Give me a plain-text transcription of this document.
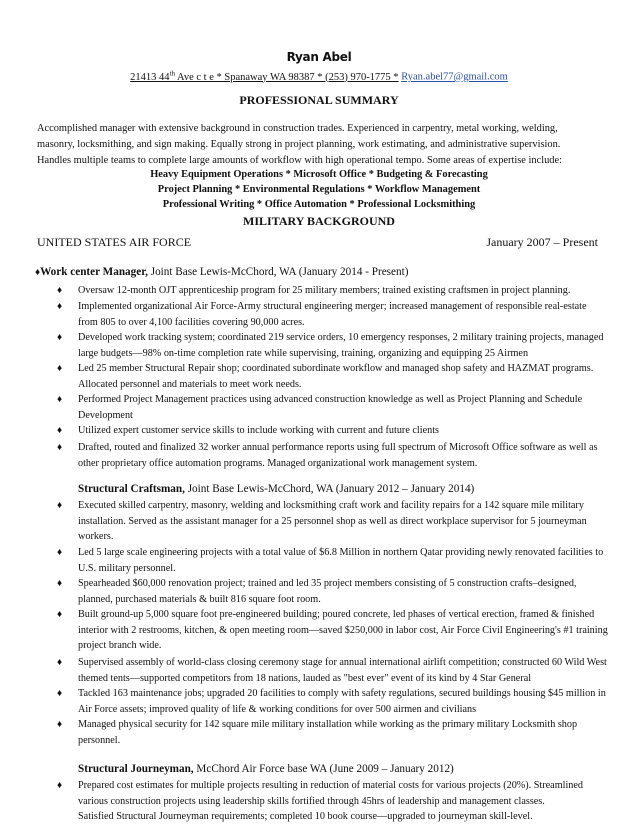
Ryan Abel
21413 44th Ave c t e * Spanaway WA 98387 * (253) 970-1775 * Ryan.abel77@gmail.com
PROFESSIONAL SUMMARY
Accomplished manager with extensive background in construction trades. Experienced in carpentry, metal working, welding,
masonry, locksmithing, and sign making. Equally strong in project planning, work estimating, and administrative supervision.
Handles multiple teams to complete large amounts of workflow with high operational tempo. Some areas of expertise include:
Heavy Equipment Operations * Microsoft Office * Budgeting & Forecasting
Project Planning * Environmental Regulations * Workflow Management
Professional Writing * Office Automation * Professional Locksmithing
MILITARY BACKGROUND
UNITED STATES AIR FORCE	January 2007 – Present
♦Work center Manager, Joint Base Lewis-McChord, WA (January 2014 - Present)
♦ Oversaw 12-month OJT apprenticeship program for 25 military members; trained existing craftsmen in project planning.
♦ Implemented organizational Air Force-Army structural engineering merger; increased management of responsible real-estate from 805 to over 4,100 facilities covering 90,000 acres.
♦ Developed work tracking system; coordinated 219 service orders, 10 emergency responses, 2 military training projects, managed large budgets—98% on-time completion rate while supervising, training, organizing and equipping 25 Airmen
♦ Led 25 member Structural Repair shop; coordinated subordinate workflow and managed shop safety and HAZMAT programs. Allocated personnel and materials to meet work needs.
♦ Performed Project Management practices using advanced construction knowledge as well as Project Planning and Schedule Development
♦ Utilized expert customer service skills to include working with current and future clients
♦ Drafted, routed and finalized 32 worker annual performance reports using full spectrum of Microsoft Office software as well as other proprietary office automation programs. Managed organizational work management system.
Structural Craftsman, Joint Base Lewis-McChord, WA (January 2012 – January 2014)
♦ Executed skilled carpentry, masonry, welding and locksmithing craft work and facility repairs for a 142 square mile military installation. Served as the assistant manager for a 25 personnel shop as well as direct workplace supervisor for 5 journeyman workers.
♦ Led 5 large scale engineering projects with a total value of $6.8 Million in northern Qatar providing newly renovated facilities to U.S. military personnel.
♦ Spearheaded $60,000 renovation project; trained and led 35 project members consisting of 5 construction crafts–designed, planned, purchased materials & built 816 square foot room.
♦ Built ground-up 5,000 square foot pre-engineered building; poured concrete, led phases of vertical erection, framed & finished interior with 2 restrooms, kitchen, & open meeting room—saved $250,000 in labor cost, Air Force Civil Engineering's #1 training project branch wide.
♦ Supervised assembly of world-class closing ceremony stage for annual international airlift competition; constructed 60 Wild West themed tents—supported competitors from 18 nations, lauded as "best ever" event of its kind by 4 Star General
♦ Tackled 163 maintenance jobs; upgraded 20 facilities to comply with safety regulations, secured buildings housing $45 million in Air Force assets; improved quality of life & working conditions for over 500 airmen and civilians
♦ Managed physical security for 142 square mile military installation while working as the primary military Locksmith shop personnel.
Structural Journeyman, McChord Air Force base WA (June 2009 – January 2012)
♦ Prepared cost estimates for multiple projects resulting in reduction of material costs for various projects (20%). Streamlined various construction projects using leadership skills fortified through 45hrs of leadership and management classes.
Satisfied Structural Journeyman requirements; completed 10 book course—upgraded to journeyman skill-level.
